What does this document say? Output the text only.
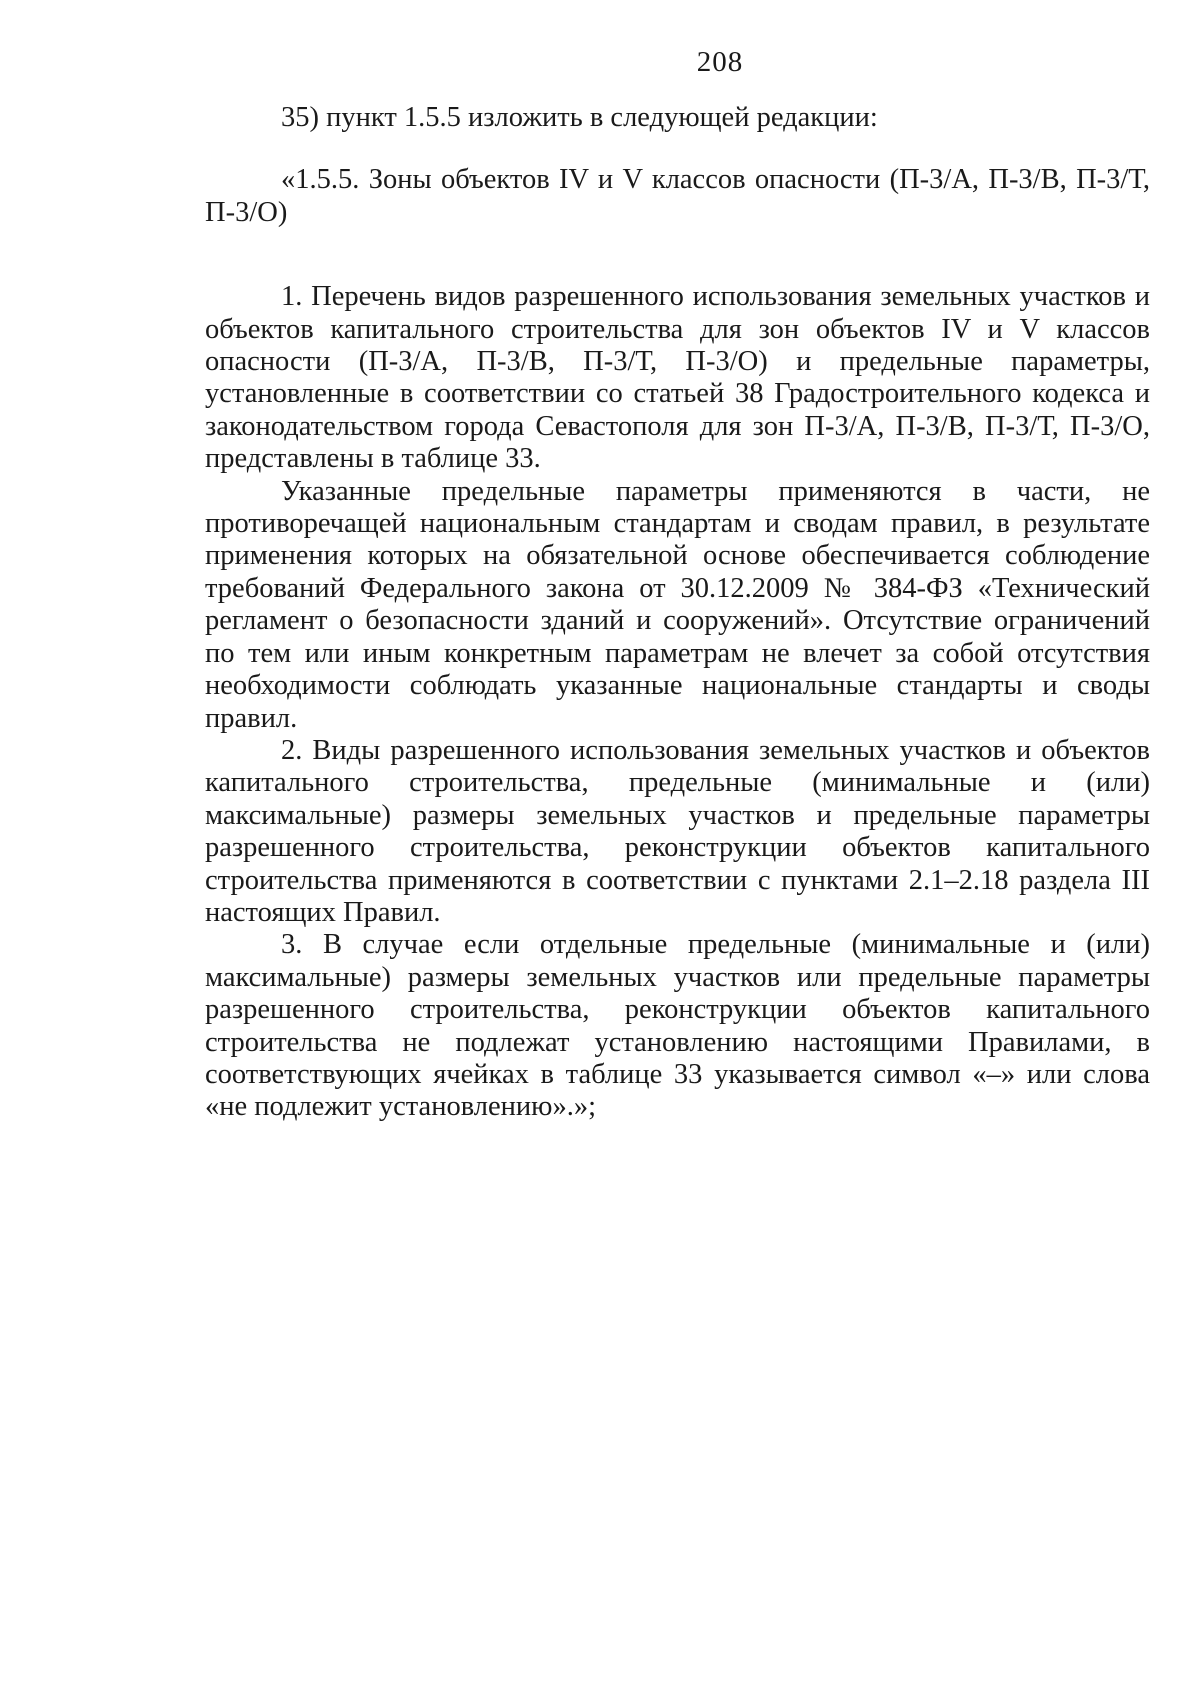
208

35) пункт 1.5.5 изложить в следующей редакции:

«1.5.5. Зоны объектов IV и V классов опасности (П-3/А, П-3/В, П-3/Т, П-3/О)

1. Перечень видов разрешенного использования земельных участков и объектов капитального строительства для зон объектов IV и V классов опасности (П-3/А, П-3/В, П-3/Т, П-3/О) и предельные параметры, установленные в соответствии со статьей 38 Градостроительного кодекса и законодательством города Севастополя для зон П-3/А, П-3/В, П-3/Т, П-3/О, представлены в таблице 33.

Указанные предельные параметры применяются в части, не противоречащей национальным стандартам и сводам правил, в результате применения которых на обязательной основе обеспечивается соблюдение требований Федерального закона от 30.12.2009 № 384-ФЗ «Технический регламент о безопасности зданий и сооружений». Отсутствие ограничений по тем или иным конкретным параметрам не влечет за собой отсутствия необходимости соблюдать указанные национальные стандарты и своды правил.

2. Виды разрешенного использования земельных участков и объектов капитального строительства, предельные (минимальные и (или) максимальные) размеры земельных участков и предельные параметры разрешенного строительства, реконструкции объектов капитального строительства применяются в соответствии с пунктами 2.1–2.18 раздела III настоящих Правил.

3. В случае если отдельные предельные (минимальные и (или) максимальные) размеры земельных участков или предельные параметры разрешенного строительства, реконструкции объектов капитального строительства не подлежат установлению настоящими Правилами, в соответствующих ячейках в таблице 33 указывается символ «–» или слова «не подлежит установлению».»;
